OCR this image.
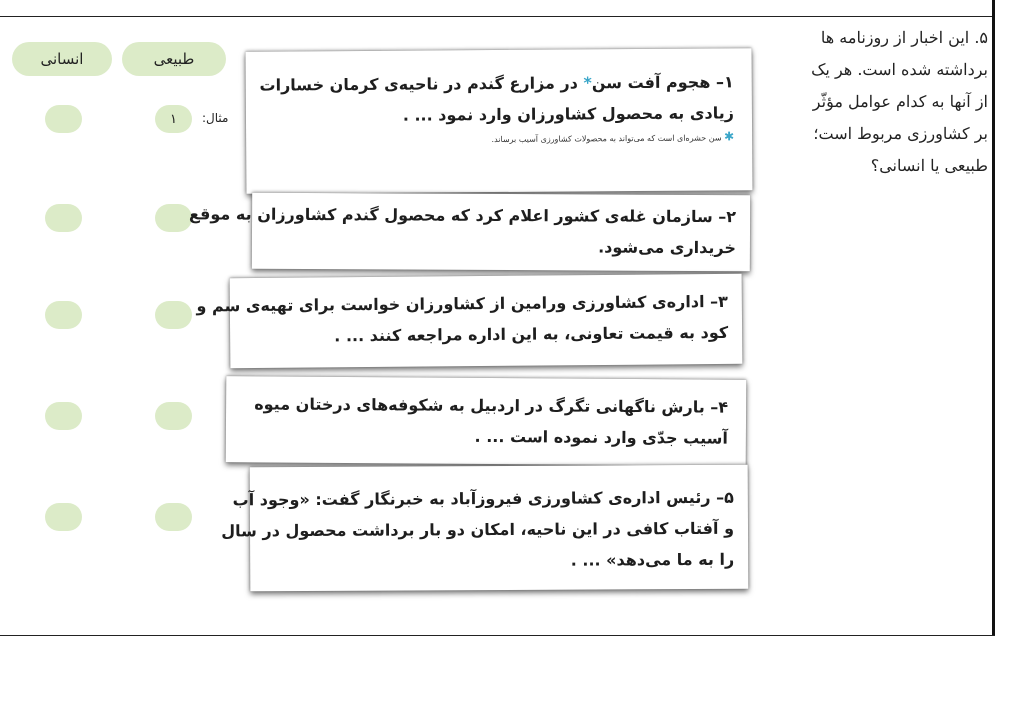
۵. این اخبار از روزنامه ها
برداشته شده است. هر یک
از آنها به کدام عوامل مؤثّر
بر کشاورزی مربوط است؛
طبیعی یا انسانی؟
طبیعی
انسانی
مثال:
۱
۱– هجوم آفت سن* در مزارع گندم در ناحیه‌ی کرمان خسارات
زیادی به محصول کشاورزان وارد نمود ... .
✱ سن حشره‌ای است که می‌تواند به محصولات کشاورزی آسیب برساند.
۲– سازمان غله‌ی کشور اعلام کرد که محصول گندم کشاورزان به موقع
خریداری می‌شود.
۳– اداره‌ی کشاورزی ورامین از کشاورزان خواست برای تهیه‌ی سم و
کود به قیمت تعاونی، به این اداره مراجعه کنند ... .
۴– بارش ناگهانی تگرگ در اردبیل به شکوفه‌های درختان میوه
آسیب جدّی وارد نموده است ... .
۵– رئیس اداره‌ی کشاورزی فیروزآباد به خبرنگار گفت: «وجود آب
و آفتاب کافی در این ناحیه، امکان دو بار برداشت محصول در سال
را به ما می‌دهد» ... .
